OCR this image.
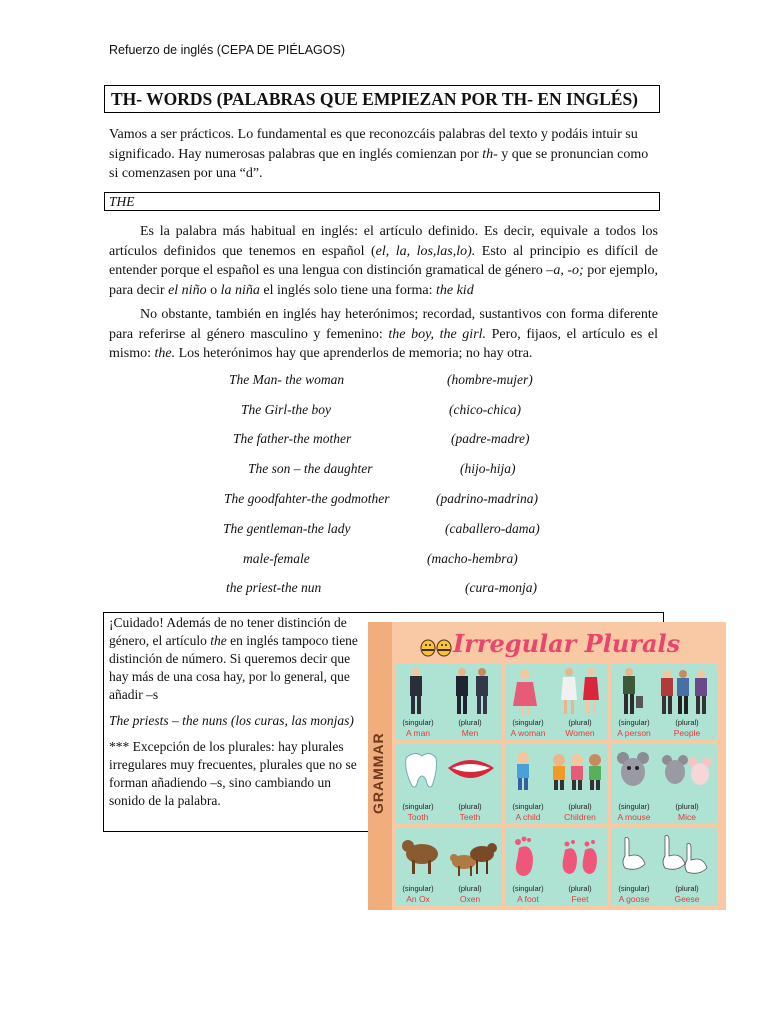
Refuerzo de inglés (CEPA DE PIÉLAGOS)
TH- WORDS (PALABRAS QUE EMPIEZAN POR TH- EN INGLÉS)

Vamos a ser prácticos. Lo fundamental es que reconozcáis palabras del texto y podáis intuir su significado. Hay numerosas palabras que en inglés comienzan por th- y que se pronuncian como si comenzasen por una “d”.

THE

Es la palabra más habitual en inglés: el artículo definido. Es decir, equivale a todos los artículos definidos que tenemos en español (el, la, los,las,lo). Esto al principio es difícil de entender porque el español es una lengua con distinción gramatical de género –a, -o; por ejemplo, para decir el niño o la niña el inglés solo tiene una forma: the kid

No obstante, también en inglés hay heterónimos; recordad, sustantivos con forma diferente para referirse al género masculino y femenino: the boy, the girl. Pero, fijaos, el artículo es el mismo: the. Los heterónimos hay que aprenderlos de memoria; no hay otra.

The Man- the woman	(hombre-mujer)
The Girl-the boy	(chico-chica)
The father-the mother	(padre-madre)
The son – the daughter	(hijo-hija)
The goodfahter-the godmother	(padrino-madrina)
The gentleman-the lady	(caballero-dama)
male-female	(macho-hembra)
the priest-the nun	(cura-monja)

¡Cuidado! Además de no tener distinción de género, el artículo the en inglés tampoco tiene distinción de número. Si queremos decir que hay más de una cosa hay, por lo general, que añadir –s

The priests – the nuns (los curas, las monjas)

*** Excepción de los plurales: hay plurales irregulares muy frecuentes, plurales que no se forman añadiendo –s, sino cambiando un sonido de la palabra.	GRAMMAR
Irregular Plurals
(singular)	(plural)
A man	Men
(singular)	(plural)
A woman	Women
(singular)	(plural)
A person	People
(singular)	(plural)
Tooth	Teeth
(singular)	(plural)
A child	Children
(singular)	(plural)
A mouse	Mice
(singular)	(plural)
An Ox	Oxen
(singular)	(plural)
A foot	Feet
(singular)	(plural)
A goose	Geese
